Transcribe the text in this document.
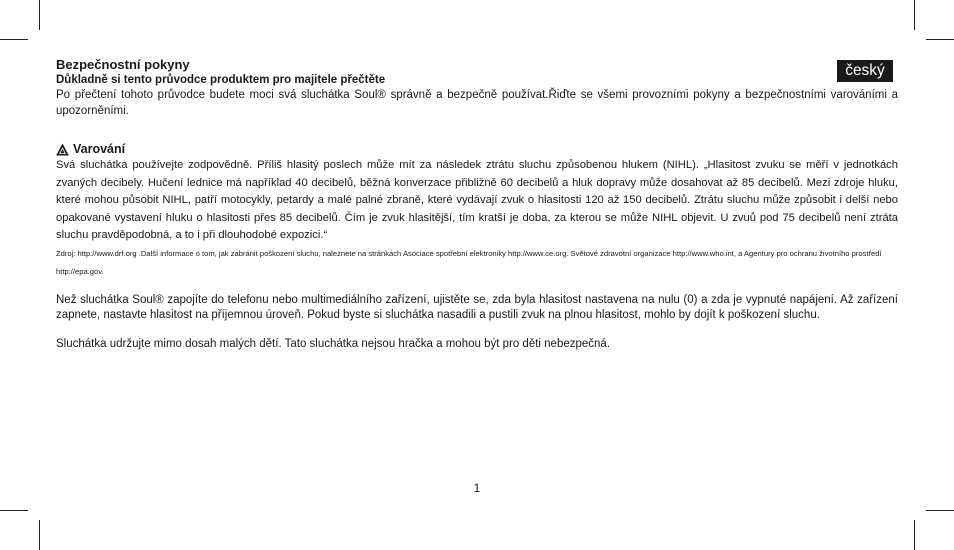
český

Bezpečnostní pokyny

Důkladně si tento průvodce produktem pro majitele přečtěte

Po přečtení tohoto průvodce budete moci svá sluchátka Soul® správně a bezpečně používat.Řiďte se všemi provozními pokyny a bezpečnostními varováními a upozorněními.

Varování

Svá sluchátka používejte zodpovědně. Příliš hlasitý poslech může mít za následek ztrátu sluchu způsobenou hlukem (NIHL). „Hlasitost zvuku se měří v jednotkách zvaných decibely. Hučení lednice má například 40 decibelů, běžná konverzace přibližně 60 decibelů a hluk dopravy může dosahovat až 85 decibelů. Mezi zdroje hluku, které mohou působit NIHL, patří motocykly, petardy a malé palné zbraně, které vydávají zvuk o hlasitosti 120 až 150 decibelů. Ztrátu sluchu může způsobit i delší nebo opakované vystavení hluku o hlasitosti přes 85 decibelů. Čím je zvuk hlasitější, tím kratší je doba, za kterou se může NIHL objevit. U zvuů pod 75 decibelů není ztráta sluchu pravděpodobná, a to i při dlouhodobé expozici.“

Zdroj: http://www.drf.org .Další informace o tom, jak zabránit poškození sluchu, naleznete na stránkách Asociace spotřební elektroniky http://www.ce.org. Světové zdravotní organizace http://www.who.int, a Agentury pro ochranu životního prostředí http://epa.gov.

Než sluchátka Soul® zapojíte do telefonu nebo multimediálního zařízení, ujistěte se, zda byla hlasitost nastavena na nulu (0) a zda je vypnuté napájení. Až zařízení zapnete, nastavte hlasitost na příjemnou úroveň. Pokud byste si sluchátka nasadili a pustili zvuk na plnou hlasitost, mohlo by dojít k poškození sluchu.

Sluchátka udržujte mimo dosah malých dětí. Tato sluchátka nejsou hračka a mohou být pro děti nebezpečná.

1
